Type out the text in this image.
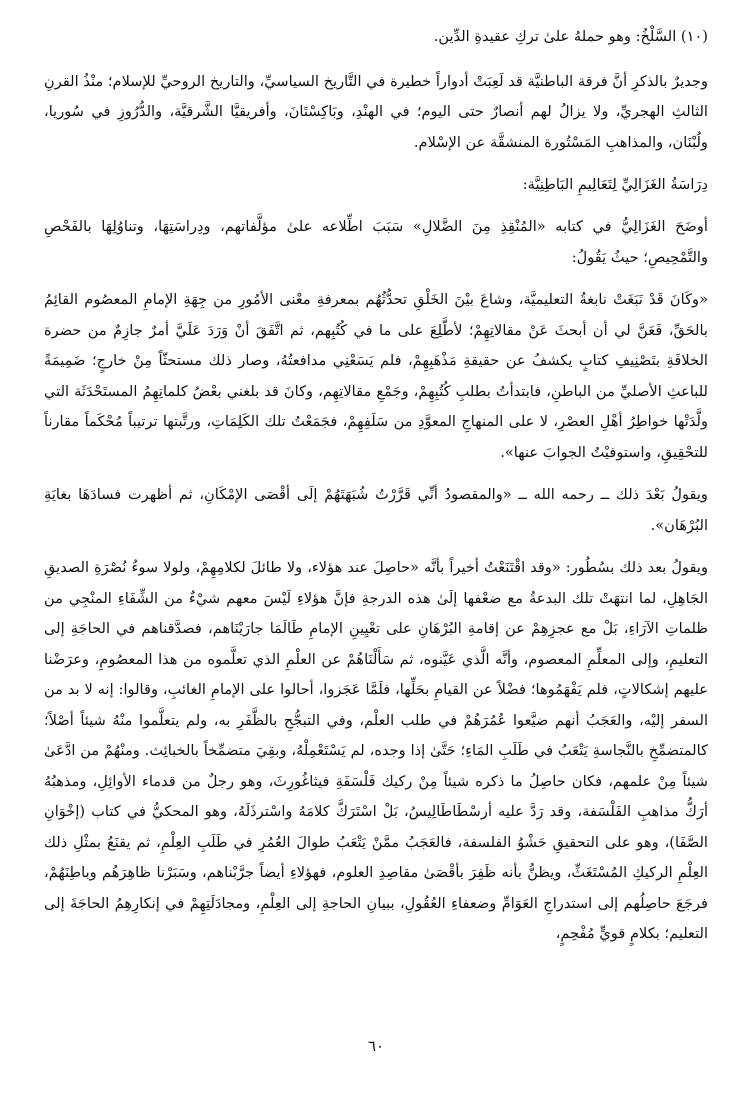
(١٠) السَّلْخُ: وهو حملهُ علىٰ تركِ عقيدةِ الدِّين.

وجديرٌ بالذكرِ أنَّ فرقة الباطنيَّة قد لَعِبَتْ أدواراً خطيرة في التَّاريخ السياسيِّ، والتاريخ الروحيِّ للإسلام؛ منْذُ القرنِ الثالثِ الهجريِّ، ولا يزالُ لهم أنصارٌ حتى اليوم؛ في الهنْدِ، وبَاكِسْتَانَ، وأفريقيَّا الشَّرقيَّة، والدُّرُوزِ في سُوريا، ولُبْنَان، والمذاهبِ المَسْتُورة المنشقَّة عن الإسْلام.

دِرَاسَةُ الغَزَالِيِّ لِتَعَالِيمِ البَاطِنِيَّة:

أوضَحَ الغَزَالِيُّ في كتابه «المُنْقِذِ مِنَ الضَّلالِ» سَبَبَ اطِّلاعه علىٰ مؤلَّفاتهم، ودِراسَتِهَا، وتناوُلِهَا بالفَحْصِ والتَّمْحِيصِ؛ حيثُ يَقُولُ:

«وكَانَ قَدْ نَبَغَتْ نابغةُ التعليميَّة، وشاعَ بيْنَ الخَلْقِ تحدُّثُهُم بمعرفةِ معْنى الأمُورِ من جِهَةِ الإمامِ المعصُوم القائِمُ بالحَقِّ، فَعَنَّ لي أن أبحثَ عَنْ مقالاتِهِمْ؛ لأطَّلِعَ على ما في كُتُبِهم، ثم اتَّفَقَ أنْ وَرَدَ عَلَيَّ أمرٌ جازِمٌ من حضرة الخلافَةِ بتَصْنِيفِ كتابٍ يكشفُ عن حقيقةِ مَذْهَبِهِمْ، فلم يَسَعْنِي مدافعتُهُ، وصار ذلك مستحثّاً مِنْ خارجٍ؛ ضَمِيمَةً للباعثِ الأصليِّ من الباطنِ، فابتدأتُ بطلبِ كُتُبِهِمْ، وجَمْعِ مقالاتِهِم، وكانَ قد بلغني بعْضُ كلماتِهِمُ المستَحْدَثَة التي ولَّدَتْها خواطِرُ أهْلِ العصْرِ، لا على المنهاجِ المعوَّدِ من سَلَفِهِمْ، فجَمَعْتُ تلك الكَلِمَاتِ، ورتَّبتها ترتيباً مُحْكَماً مقارناً للتحْقِيقِ، واستوفيْتُ الجوابَ عنها».

ويقولُ بَعْدَ ذلك ــ رحمه الله ــ «والمقصودُ أنِّي قَرَّرْتُ شُبَهَتَهُمْ إلَى أقْصَى الإمْكَانِ، ثم أظهرت فسادَهَا بغايَةِ البُرْهَان».

ويقولُ بعد ذلك بسُطُور: «وقد اقْتَنَعْتُ أخيراً بأنَّه «حاصِلَ عند هؤلاء، ولا طائلَ لكلامِهِمْ، ولولا سوءُ نُصْرَةِ الصديقِ الجَاهِلِ، لما انتهَتْ تلك البدعةُ مع ضعْفها إلَىٰ هذه الدرجةِ فإنَّ هؤلاءِ لَيْسَ معهم شيْءٌ من الشِّفَاءِ المنْجِي من ظلماتِ الآرَاءِ، بَلْ مع عجزِهِمْ عن إقامةِ البُرْهَانِ على تعْيِينِ الإمامِ طَالَمَا جارَيْنَاهم، فصدَّقناهم في الحاجَةِ إلى التعليمِ، وإلى المعلِّمِ المعصوم، وأنَّه الَّذي عَيَّنوه، ثم سَأَلْنَاهُمْ عن العلْمِ الذي تعلَّموه من هذا المعصُومِ، وعرَضْنا عليهم إشكالاتٍ، فلم يَفْهَمُوها؛ فضْلاً عن القيامِ بحَلِّها، فلَمَّا عَجَزوا، أحالوا على الإمامِ الغائبِ، وقالوا: إنه لا بد من السفر إليْه، والعَجَبُ أنهم ضيَّعوا عُمُرَهُمْ في طلب العلْم، وفي التبجُّحِ بالظَّفَرِ به، ولم يتعلَّموا منْهُ شيئاً أصْلاً؛ كالمتضمِّخِ بالنَّجاسةِ يَتْعَبُ في طَلَبِ المَاءِ؛ حَتَّىٰ إذا وجده، لم يَسْتَعْمِلْهُ، وبقِيَ متضمِّخاً بالخبائِث. ومنْهُمْ من ادَّعَىٰ شيئاً مِنْ علمهم، فكان حاصِلُ ما ذكره شيئاً مِنْ ركيك فَلْسَفَةِ فيثاغُورِثَ، وهو رجلٌ من قدماء الأوائِلِ، ومذهبُهُ أرَكُّ مذاهبِ الفَلْسَفة، وقد رَدَّ عليه أرسْطَاطَالِيسُ، بَلْ اسْتَرَكَّ كلامَهُ واسْترذَلَهُ، وهو المحكيُّ في كتاب (إخْوَانِ الصَّفَا)، وهو على التحقيقِ حَشْوُ الفلسفة، فالعَجَبُ ممَّنْ يَتْعَبُ طوالَ العُمُرِ في طَلَبِ العِلْمِ، ثم يقنَعُ بمثْلِ ذلك العِلْمِ الركيكِ المُسْتَغَثِّ، ويظنُّ بأنه ظَفِرَ بأقْصَىٰ مقاصِدِ العلوم، فهؤلاءِ أيضاً جرَّبْناهم، وسَبَرْنا ظاهِرَهُم وباطِنَهُمْ، فرجَعَ حاصِلُهم إلى استدراجِ العَوَامِّ وضعفاءِ العُقُولِ، ببيانِ الحاجةِ إلى العِلْمِ، ومجادَلَتِهِمْ في إنكارِهِمُ الحاجَةَ إلى التعليم؛ بكلامٍ قويٍّ مُفْحِمٍ،

٦٠
